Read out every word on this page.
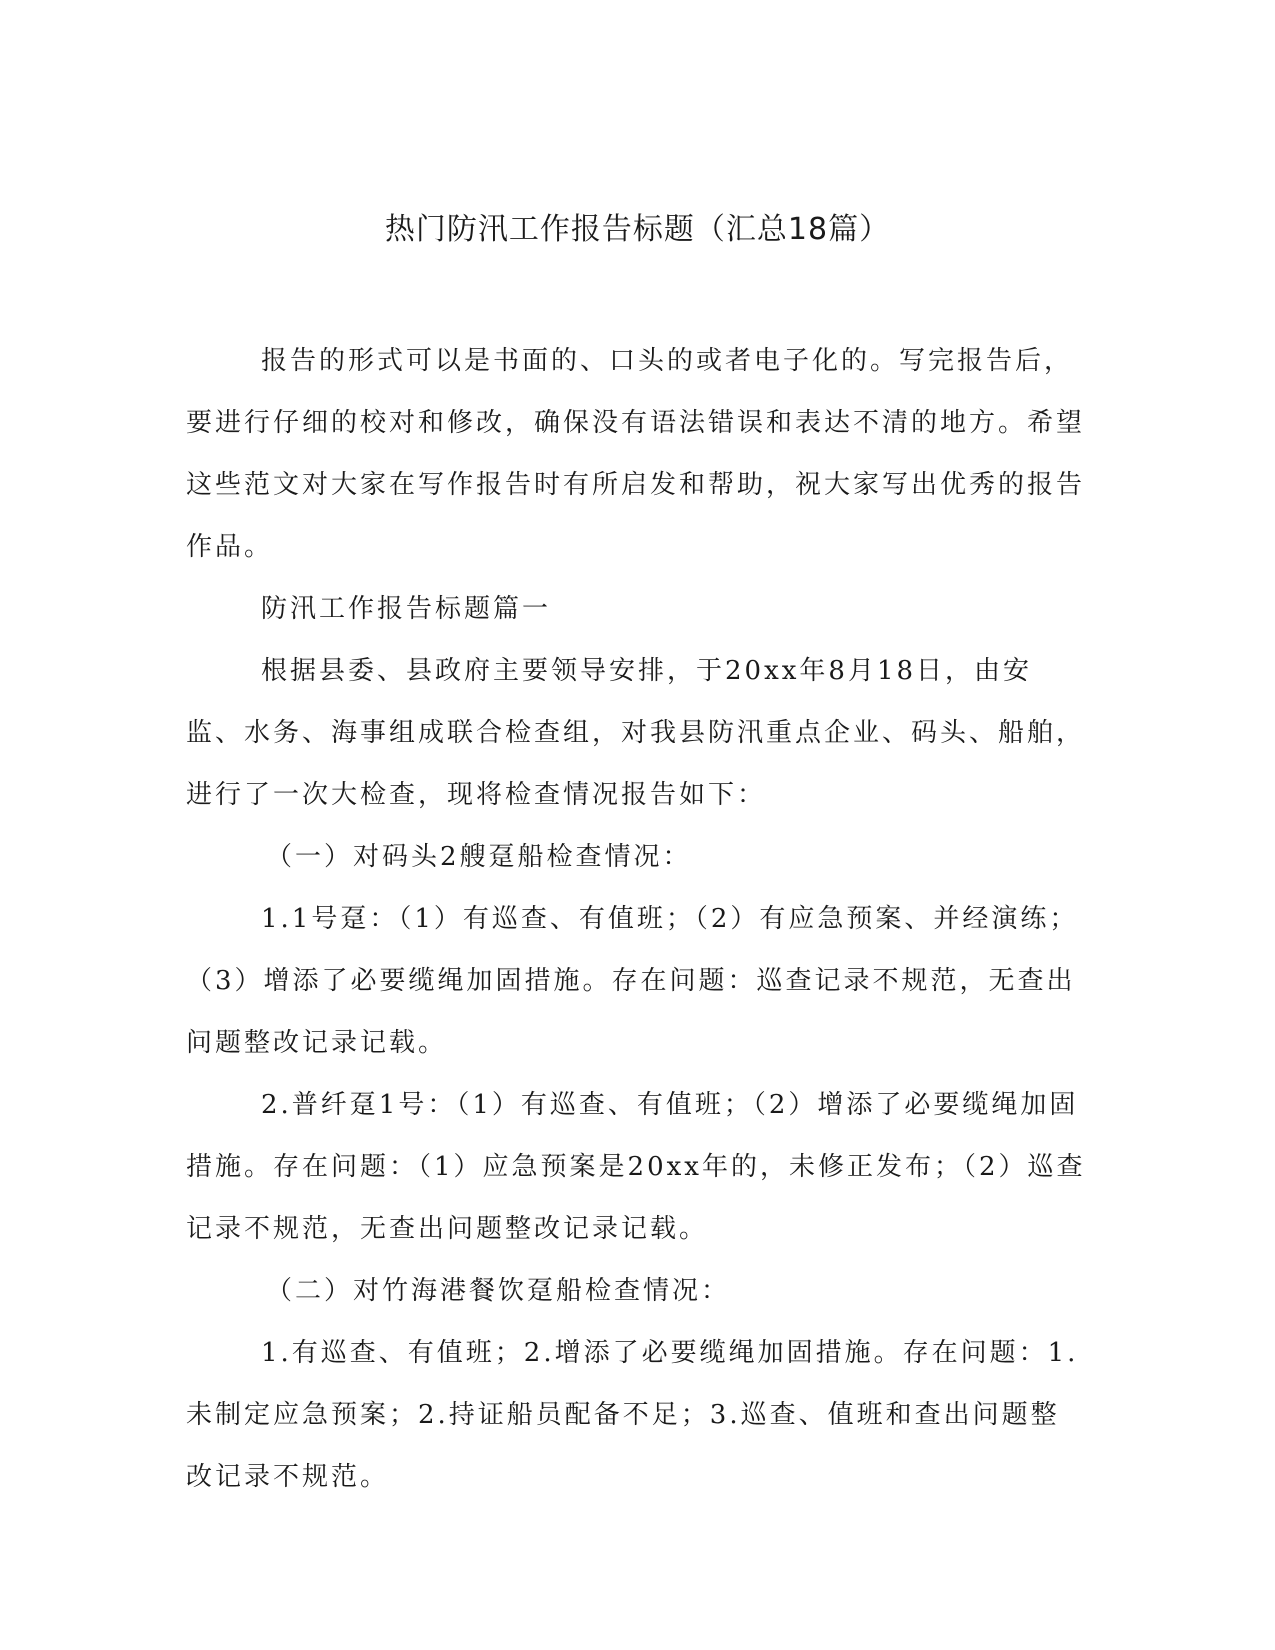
热门防汛工作报告标题（汇总18篇）

报告的形式可以是书面的、口头的或者电子化的。写完报告后，要进行仔细的校对和修改，确保没有语法错误和表达不清的地方。希望这些范文对大家在写作报告时有所启发和帮助，祝大家写出优秀的报告作品。

防汛工作报告标题篇一

根据县委、县政府主要领导安排，于20xx年8月18日，由安监、水务、海事组成联合检查组，对我县防汛重点企业、码头、船舶，进行了一次大检查，现将检查情况报告如下：

（一）对码头2艘趸船检查情况：

1.1号趸：（1）有巡查、有值班；（2）有应急预案、并经演练；（3）增添了必要缆绳加固措施。存在问题：巡查记录不规范，无查出问题整改记录记载。

2.普纤趸1号：（1）有巡查、有值班；（2）增添了必要缆绳加固措施。存在问题：（1）应急预案是20xx年的，未修正发布；（2）巡查记录不规范，无查出问题整改记录记载。

（二）对竹海港餐饮趸船检查情况：

1.有巡查、有值班；2.增添了必要缆绳加固措施。存在问题：1.未制定应急预案；2.持证船员配备不足；3.巡查、值班和查出问题整改记录不规范。
